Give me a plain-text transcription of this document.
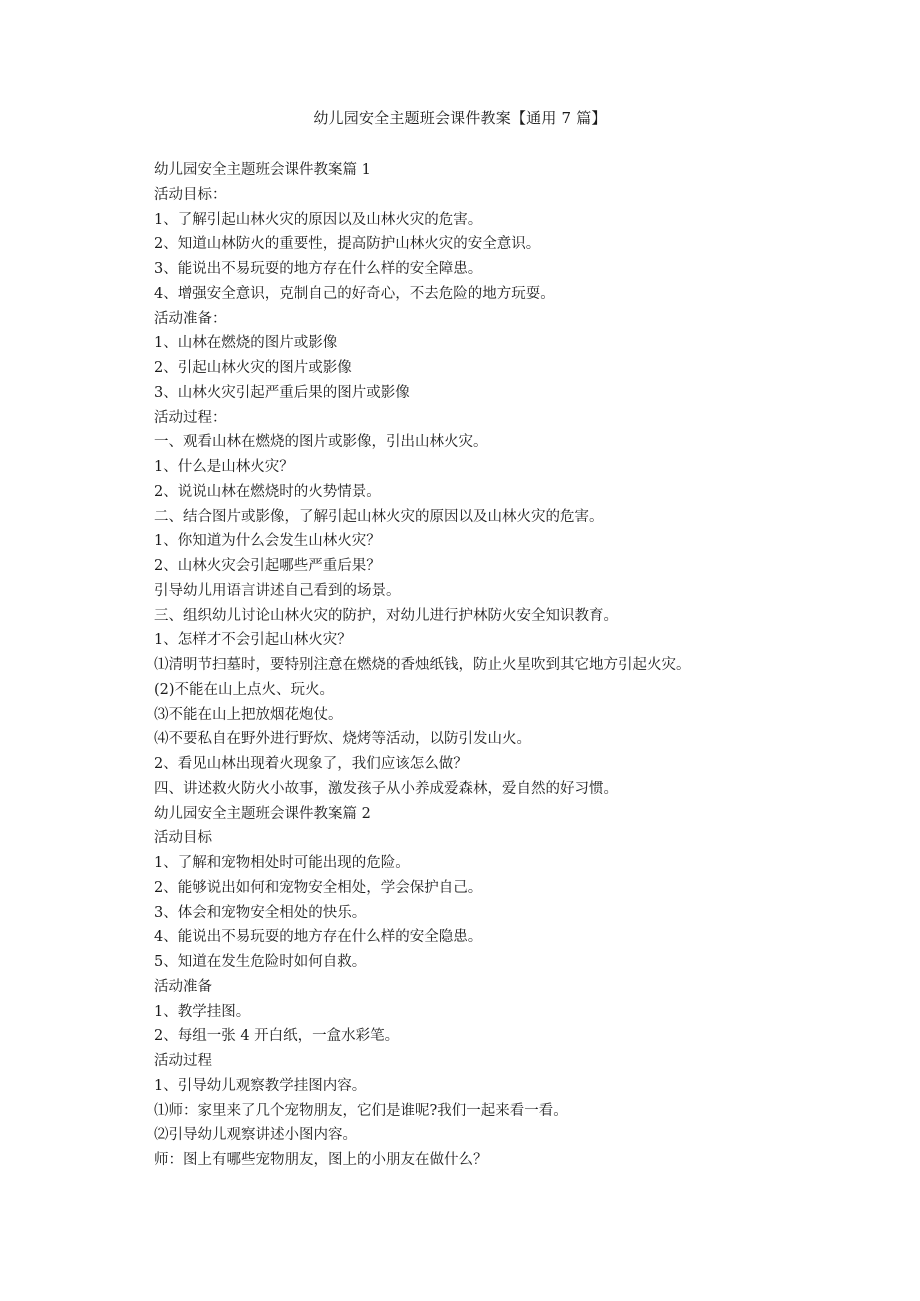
幼儿园安全主题班会课件教案【通用 7 篇】
幼儿园安全主题班会课件教案篇 1
活动目标：
1、了解引起山林火灾的原因以及山林火灾的危害。
2、知道山林防火的重要性，提高防护山林火灾的安全意识。
3、能说出不易玩耍的地方存在什么样的安全障患。
4、增强安全意识，克制自己的好奇心，不去危险的地方玩耍。
活动准备：
1、山林在燃烧的图片或影像
2、引起山林火灾的图片或影像
3、山林火灾引起严重后果的图片或影像
活动过程：
一、观看山林在燃烧的图片或影像，引出山林火灾。
1、什么是山林火灾？
2、说说山林在燃烧时的火势情景。
二、结合图片或影像，了解引起山林火灾的原因以及山林火灾的危害。
1、你知道为什么会发生山林火灾？
2、山林火灾会引起哪些严重后果？
引导幼儿用语言讲述自己看到的场景。
三、组织幼儿讨论山林火灾的防护，对幼儿进行护林防火安全知识教育。
1、怎样才不会引起山林火灾？
⑴清明节扫墓时，要特别注意在燃烧的香烛纸钱，防止火星吹到其它地方引起火灾。
(2)不能在山上点火、玩火。
⑶不能在山上把放烟花炮仗。
⑷不要私自在野外进行野炊、烧烤等活动，以防引发山火。
2、看见山林出现着火现象了，我们应该怎么做？
四、讲述救火防火小故事，激发孩子从小养成爱森林，爱自然的好习惯。
幼儿园安全主题班会课件教案篇 2
活动目标
1、了解和宠物相处时可能出现的危险。
2、能够说出如何和宠物安全相处，学会保护自己。
3、体会和宠物安全相处的快乐。
4、能说出不易玩耍的地方存在什么样的安全隐患。
5、知道在发生危险时如何自救。
活动准备
1、教学挂图。
2、每组一张 4 开白纸，一盒水彩笔。
活动过程
1、引导幼儿观察教学挂图内容。
⑴师：家里来了几个宠物朋友，它们是谁呢?我们一起来看一看。
⑵引导幼儿观察讲述小图内容。
师：图上有哪些宠物朋友，图上的小朋友在做什么？
